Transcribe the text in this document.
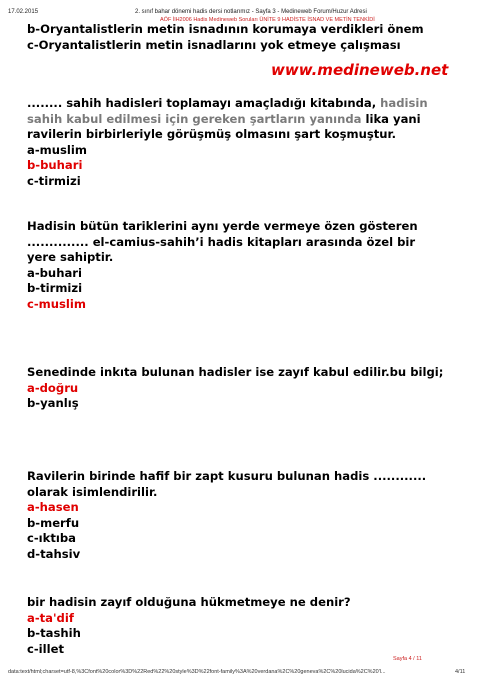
17.02.2015	2. sınıf bahar dönemi hadis dersi notlarımız - Sayfa 3 - Medineweb Forum/Huzur Adresi
AÖF İlH2006 Hadis Medineweb Soruları ÜNİTE 9 HADİSTE İSNAD VE METİN TENKİDİ
b-Oryantalistlerin metin isnadının korumaya verdikleri önem
c-Oryantalistlerin metin isnadlarını yok etmeye çalışması
www.medineweb.net
........ sahih hadisleri toplamayı amaçladığı kitabında, hadisin
sahih kabul edilmesi için gereken şartların yanında lika yani
ravilerin birbirleriyle görüşmüş olmasını şart koşmuştur.
a-muslim
b-buhari
c-tirmizi
Hadisin bütün tariklerini aynı yerde vermeye özen gösteren
.............. el-camius-sahih’i hadis kitapları arasında özel bir
yere sahiptir.
a-buhari
b-tirmizi
c-muslim
Senedinde inkıta bulunan hadisler ise zayıf kabul edilir.bu bilgi;
a-doğru
b-yanlış
Ravilerin birinde hafif bir zapt kusuru bulunan hadis ............
olarak isimlendirilir.
a-hasen
b-merfu
c-ıktıba
d-tahsiv
bir hadisin zayıf olduğuna hükmetmeye ne denir?
a-ta'dif
b-tashih
c-illet
Sayfa 4 / 11
data:text/html;charset=utf-8,%3Cfont%20color%3D%22Red%22%20style%3D%22font-family%3A%20verdana%2C%20geneva%2C%20lucida%2C%20'l...	4/11
